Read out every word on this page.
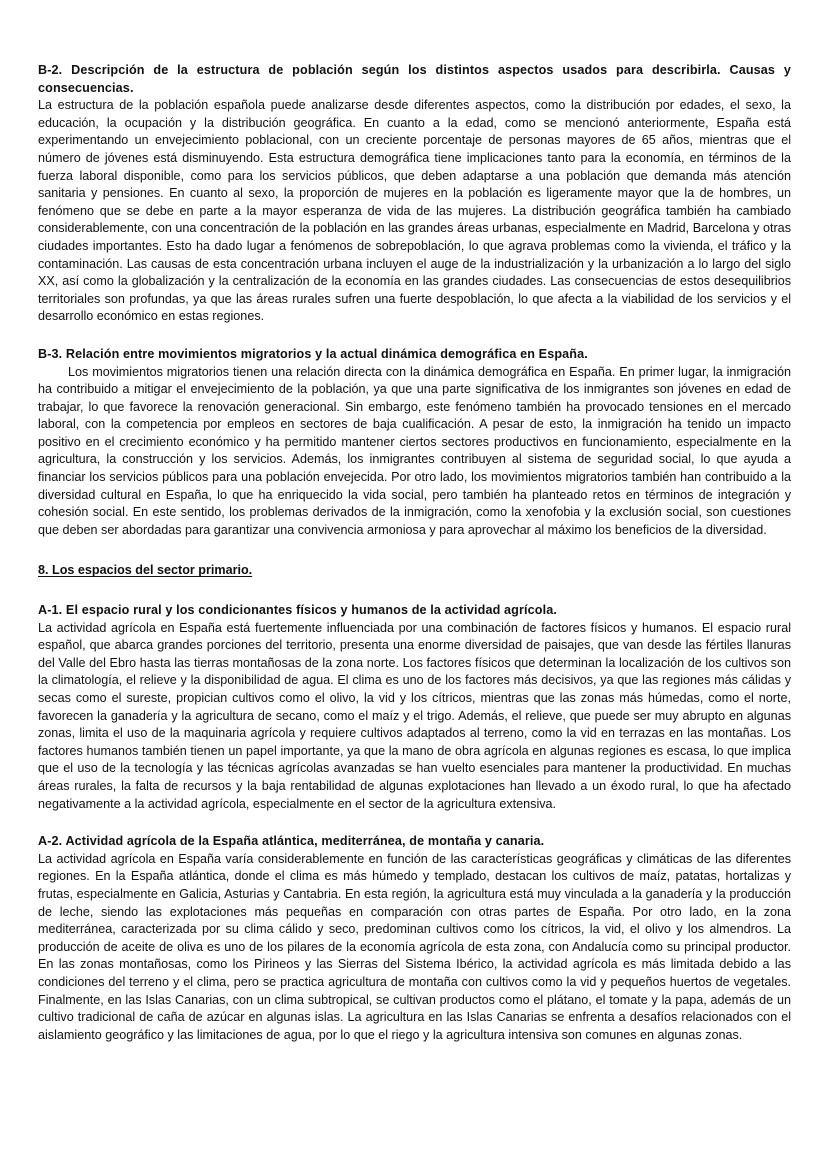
B-2. Descripción de la estructura de población según los distintos aspectos usados para describirla. Causas y consecuencias.

La estructura de la población española puede analizarse desde diferentes aspectos, como la distribución por edades, el sexo, la educación, la ocupación y la distribución geográfica. En cuanto a la edad, como se mencionó anteriormente, España está experimentando un envejecimiento poblacional, con un creciente porcentaje de personas mayores de 65 años, mientras que el número de jóvenes está disminuyendo. Esta estructura demográfica tiene implicaciones tanto para la economía, en términos de la fuerza laboral disponible, como para los servicios públicos, que deben adaptarse a una población que demanda más atención sanitaria y pensiones. En cuanto al sexo, la proporción de mujeres en la población es ligeramente mayor que la de hombres, un fenómeno que se debe en parte a la mayor esperanza de vida de las mujeres. La distribución geográfica también ha cambiado considerablemente, con una concentración de la población en las grandes áreas urbanas, especialmente en Madrid, Barcelona y otras ciudades importantes. Esto ha dado lugar a fenómenos de sobrepoblación, lo que agrava problemas como la vivienda, el tráfico y la contaminación. Las causas de esta concentración urbana incluyen el auge de la industrialización y la urbanización a lo largo del siglo XX, así como la globalización y la centralización de la economía en las grandes ciudades. Las consecuencias de estos desequilibrios territoriales son profundas, ya que las áreas rurales sufren una fuerte despoblación, lo que afecta a la viabilidad de los servicios y el desarrollo económico en estas regiones.

B-3. Relación entre movimientos migratorios y la actual dinámica demográfica en España.

Los movimientos migratorios tienen una relación directa con la dinámica demográfica en España. En primer lugar, la inmigración ha contribuido a mitigar el envejecimiento de la población, ya que una parte significativa de los inmigrantes son jóvenes en edad de trabajar, lo que favorece la renovación generacional. Sin embargo, este fenómeno también ha provocado tensiones en el mercado laboral, con la competencia por empleos en sectores de baja cualificación. A pesar de esto, la inmigración ha tenido un impacto positivo en el crecimiento económico y ha permitido mantener ciertos sectores productivos en funcionamiento, especialmente en la agricultura, la construcción y los servicios. Además, los inmigrantes contribuyen al sistema de seguridad social, lo que ayuda a financiar los servicios públicos para una población envejecida. Por otro lado, los movimientos migratorios también han contribuido a la diversidad cultural en España, lo que ha enriquecido la vida social, pero también ha planteado retos en términos de integración y cohesión social. En este sentido, los problemas derivados de la inmigración, como la xenofobia y la exclusión social, son cuestiones que deben ser abordadas para garantizar una convivencia armoniosa y para aprovechar al máximo los beneficios de la diversidad.

8. Los espacios del sector primario.

A-1. El espacio rural y los condicionantes físicos y humanos de la actividad agrícola.

La actividad agrícola en España está fuertemente influenciada por una combinación de factores físicos y humanos. El espacio rural español, que abarca grandes porciones del territorio, presenta una enorme diversidad de paisajes, que van desde las fértiles llanuras del Valle del Ebro hasta las tierras montañosas de la zona norte. Los factores físicos que determinan la localización de los cultivos son la climatología, el relieve y la disponibilidad de agua. El clima es uno de los factores más decisivos, ya que las regiones más cálidas y secas como el sureste, propician cultivos como el olivo, la vid y los cítricos, mientras que las zonas más húmedas, como el norte, favorecen la ganadería y la agricultura de secano, como el maíz y el trigo. Además, el relieve, que puede ser muy abrupto en algunas zonas, limita el uso de la maquinaria agrícola y requiere cultivos adaptados al terreno, como la vid en terrazas en las montañas. Los factores humanos también tienen un papel importante, ya que la mano de obra agrícola en algunas regiones es escasa, lo que implica que el uso de la tecnología y las técnicas agrícolas avanzadas se han vuelto esenciales para mantener la productividad. En muchas áreas rurales, la falta de recursos y la baja rentabilidad de algunas explotaciones han llevado a un éxodo rural, lo que ha afectado negativamente a la actividad agrícola, especialmente en el sector de la agricultura extensiva.

A-2. Actividad agrícola de la España atlántica, mediterránea, de montaña y canaria.

La actividad agrícola en España varía considerablemente en función de las características geográficas y climáticas de las diferentes regiones. En la España atlántica, donde el clima es más húmedo y templado, destacan los cultivos de maíz, patatas, hortalizas y frutas, especialmente en Galicia, Asturias y Cantabria. En esta región, la agricultura está muy vinculada a la ganadería y la producción de leche, siendo las explotaciones más pequeñas en comparación con otras partes de España. Por otro lado, en la zona mediterránea, caracterizada por su clima cálido y seco, predominan cultivos como los cítricos, la vid, el olivo y los almendros. La producción de aceite de oliva es uno de los pilares de la economía agrícola de esta zona, con Andalucía como su principal productor. En las zonas montañosas, como los Pirineos y las Sierras del Sistema Ibérico, la actividad agrícola es más limitada debido a las condiciones del terreno y el clima, pero se practica agricultura de montaña con cultivos como la vid y pequeños huertos de vegetales. Finalmente, en las Islas Canarias, con un clima subtropical, se cultivan productos como el plátano, el tomate y la papa, además de un cultivo tradicional de caña de azúcar en algunas islas. La agricultura en las Islas Canarias se enfrenta a desafíos relacionados con el aislamiento geográfico y las limitaciones de agua, por lo que el riego y la agricultura intensiva son comunes en algunas zonas.
